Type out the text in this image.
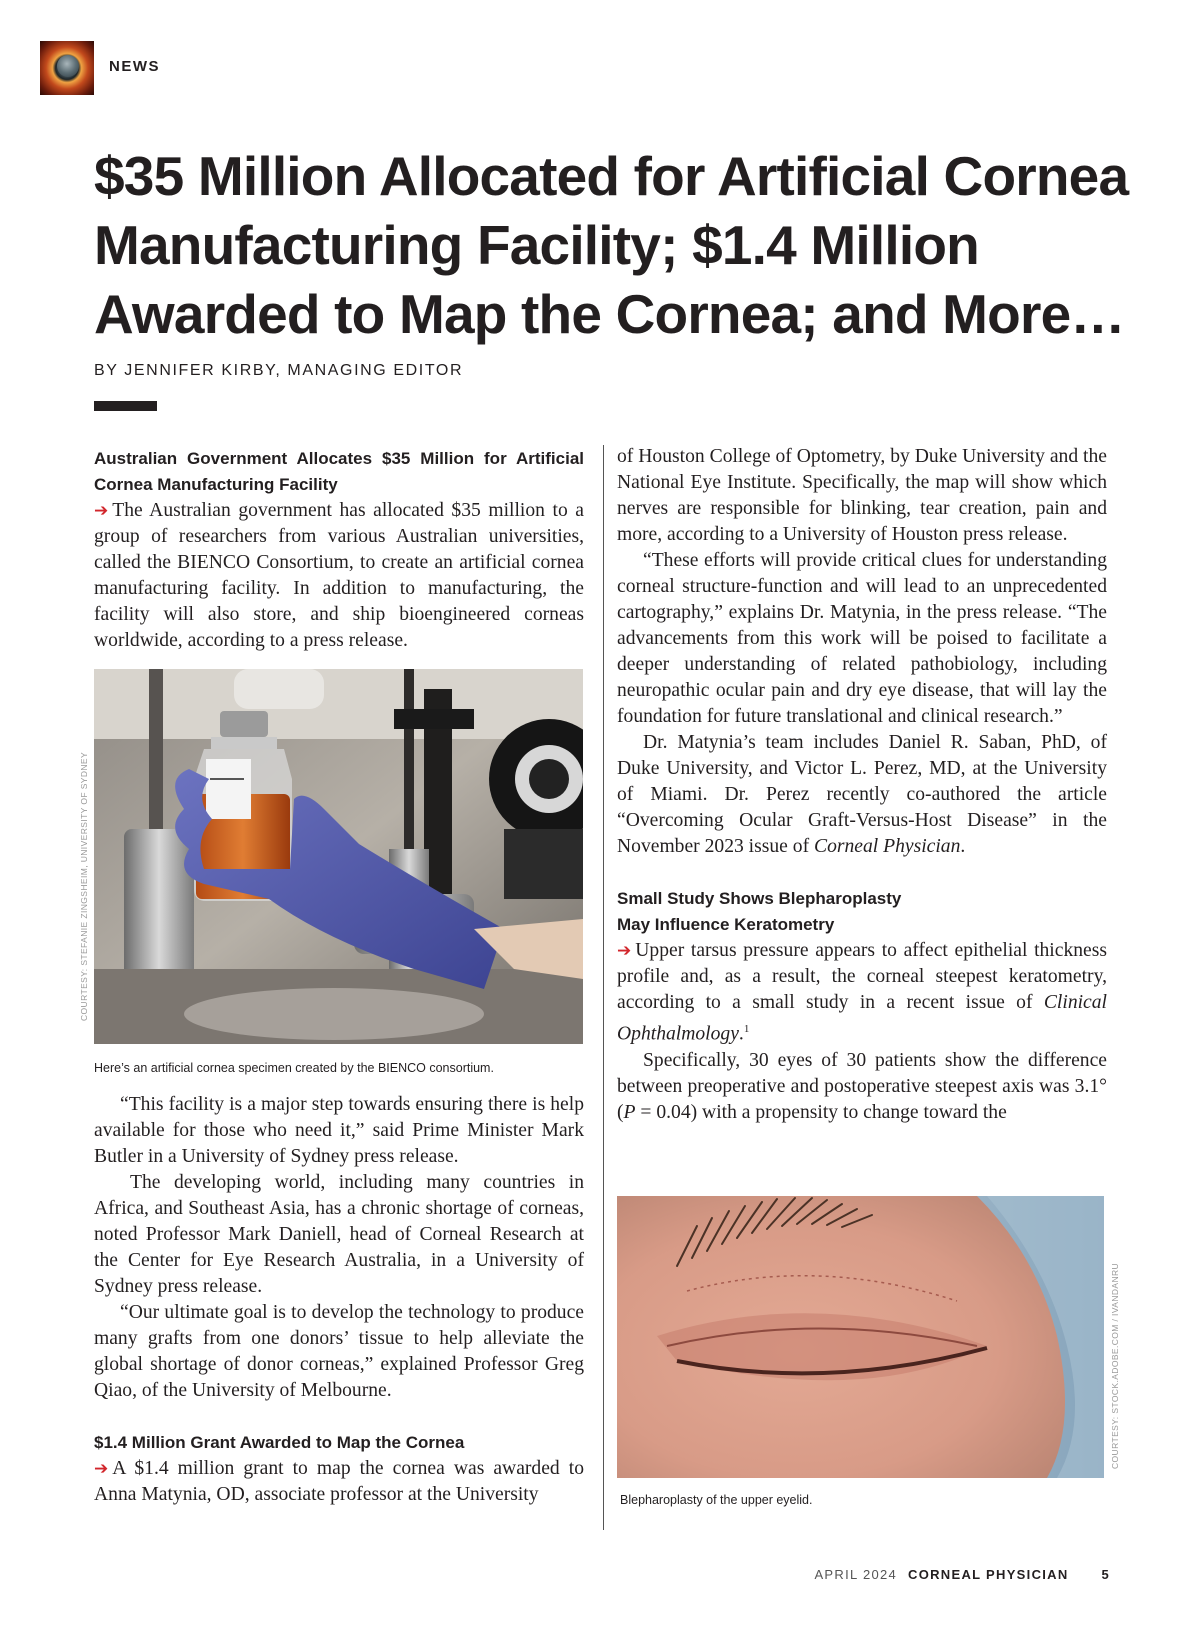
NEWS
$35 Million Allocated for Artificial Cornea Manufacturing Facility; $1.4 Million Awarded to Map the Cornea; and More…
BY JENNIFER KIRBY, MANAGING EDITOR

Australian Government Allocates $35 Million for Artificial Cornea Manufacturing Facility

➔ The Australian government has allocated $35 million to a group of researchers from various Australian universities, called the BIENCO Consortium, to create an artificial cornea manufacturing facility. In addition to manufacturing, the facility will also store, and ship bioengineered corneas worldwide, according to a press release.

COURTESY: STEFANIE ZINGSHEIM, UNIVERSITY OF SYDNEY
Here’s an artificial cornea specimen created by the BIENCO consortium.

“This facility is a major step towards ensuring there is help available for those who need it,” said Prime Minister Mark Butler in a University of Sydney press release.

The developing world, including many countries in Africa, and Southeast Asia, has a chronic shortage of corneas, noted Professor Mark Daniell, head of Corneal Research at the Center for Eye Research Australia, in a University of Sydney press release.

“Our ultimate goal is to develop the technology to produce many grafts from one donors’ tissue to help alleviate the global shortage of donor corneas,” explained Professor Greg Qiao, of the University of Melbourne.

$1.4 Million Grant Awarded to Map the Cornea

➔ A $1.4 million grant to map the cornea was awarded to Anna Matynia, OD, associate professor at the University

of Houston College of Optometry, by Duke University and the National Eye Institute. Specifically, the map will show which nerves are responsible for blinking, tear creation, pain and more, according to a University of Houston press release.

“These efforts will provide critical clues for understanding corneal structure-function and will lead to an unprecedented cartography,” explains Dr. Matynia, in the press release. “The advancements from this work will be poised to facilitate a deeper understanding of related pathobiology, including neuropathic ocular pain and dry eye disease, that will lay the foundation for future translational and clinical research.”

Dr. Matynia’s team includes Daniel R. Saban, PhD, of Duke University, and Victor L. Perez, MD, at the University of Miami. Dr. Perez recently co-authored the article “Overcoming Ocular Graft-Versus-Host Disease” in the November 2023 issue of Corneal Physician.

Small Study Shows Blepharoplasty
May Influence Keratometry

➔ Upper tarsus pressure appears to affect epithelial thickness profile and, as a result, the corneal steepest keratometry, according to a small study in a recent issue of Clinical Ophthalmology.$^1$

Specifically, 30 eyes of 30 patients show the difference between preoperative and postoperative steepest axis was 3.1° (P = 0.04) with a propensity to change toward the

COURTESY: STOCK.ADOBE.COM / IVANDANRU
Blepharoplasty of the upper eyelid.
APRIL 2024 CORNEAL PHYSICIAN	5
